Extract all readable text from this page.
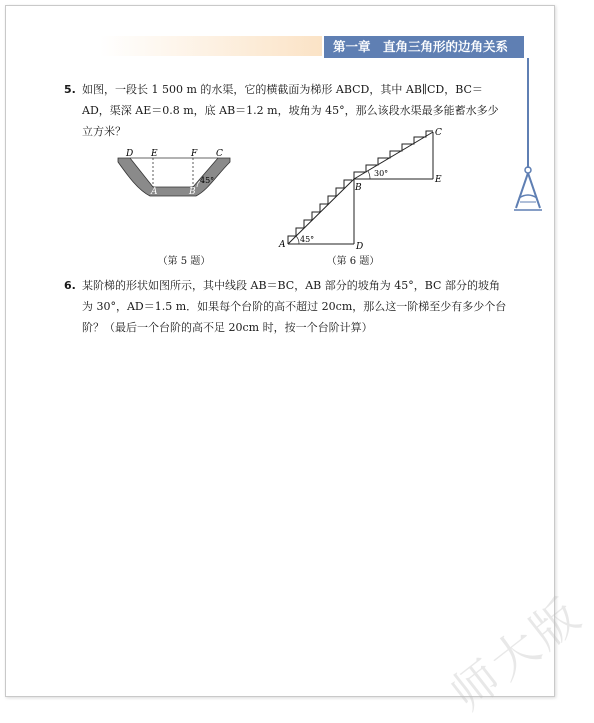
第一章　直角三角形的边角关系
5. 如图，一段长 1 500 m 的水渠，它的横截面为梯形 ABCD，其中 AB∥CD，BC＝AD，渠深 AE＝0.8 m，底 AB＝1.2 m，坡角为 45°，那么该段水渠最多能蓄水多少立方米？
D E	F C
A	B
45°
（第 5 题）
A	D
B
C
E
45°
30°
（第 6 题）
6. 某阶梯的形状如图所示，其中线段 AB＝BC，AB 部分的坡角为 45°，BC 部分的坡角为 30°，AD＝1.5 m．如果每个台阶的高不超过 20cm，那么这一阶梯至少有多少个台阶？（最后一个台阶的高不足 20cm 时，按一个台阶计算）
师大版
